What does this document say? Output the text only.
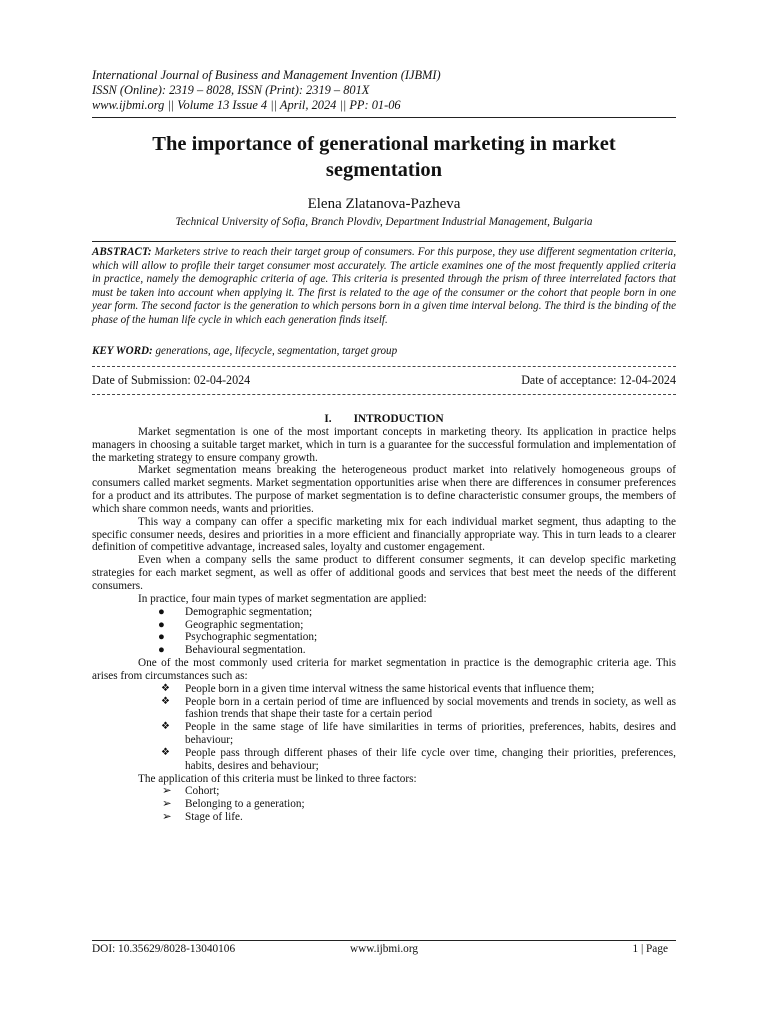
International Journal of Business and Management Invention (IJBMI)
ISSN (Online): 2319 – 8028, ISSN (Print): 2319 – 801X
www.ijbmi.org || Volume 13 Issue 4 || April, 2024 || PP: 01-06
The importance of generational marketing in market segmentation
Elena Zlatanova-Pazheva
Technical University of Sofia, Branch Plovdiv, Department Industrial Management, Bulgaria
ABSTRACT: Marketers strive to reach their target group of consumers. For this purpose, they use different segmentation criteria, which will allow to profile their target consumer most accurately. The article examines one of the most frequently applied criteria in practice, namely the demographic criteria of age. This criteria is presented through the prism of three interrelated factors that must be taken into account when applying it. The first is related to the age of the consumer or the cohort that people born in one year form. The second factor is the generation to which persons born in a given time interval belong. The third is the binding of the phase of the human life cycle in which each generation finds itself.
KEY WORD: generations, age, lifecycle, segmentation, target group
Date of Submission: 02-04-2024	Date of acceptance: 12-04-2024
I. INTRODUCTION

Market segmentation is one of the most important concepts in marketing theory. Its application in practice helps managers in choosing a suitable target market, which in turn is a guarantee for the successful formulation and implementation of the marketing strategy to ensure company growth.

Market segmentation means breaking the heterogeneous product market into relatively homogeneous groups of consumers called market segments. Market segmentation opportunities arise when there are differences in consumer preferences for a product and its attributes. The purpose of market segmentation is to define characteristic consumer groups, the members of which share common needs, wants and priorities.

This way a company can offer a specific marketing mix for each individual market segment, thus adapting to the specific consumer needs, desires and priorities in a more efficient and financially appropriate way. This in turn leads to a clearer definition of competitive advantage, increased sales, loyalty and customer engagement.

Even when a company sells the same product to different consumer segments, it can develop specific marketing strategies for each market segment, as well as offer of additional goods and services that best meet the needs of the different consumers.

In practice, four main types of market segmentation are applied:

● Demographic segmentation;
● Geographic segmentation;
● Psychographic segmentation;
● Behavioural segmentation.

One of the most commonly used criteria for market segmentation in practice is the demographic criteria age. This arises from circumstances such as:

❖ People born in a given time interval witness the same historical events that influence them;
❖ People born in a certain period of time are influenced by social movements and trends in society, as well as fashion trends that shape their taste for a certain period
❖ People in the same stage of life have similarities in terms of priorities, preferences, habits, desires and behaviour;
❖ People pass through different phases of their life cycle over time, changing their priorities, preferences, habits, desires and behaviour;

The application of this criteria must be linked to three factors:

➢ Cohort;
➢ Belonging to a generation;
➢ Stage of life.
DOI: 10.35629/8028-13040106	www.ijbmi.org	1 | Page
